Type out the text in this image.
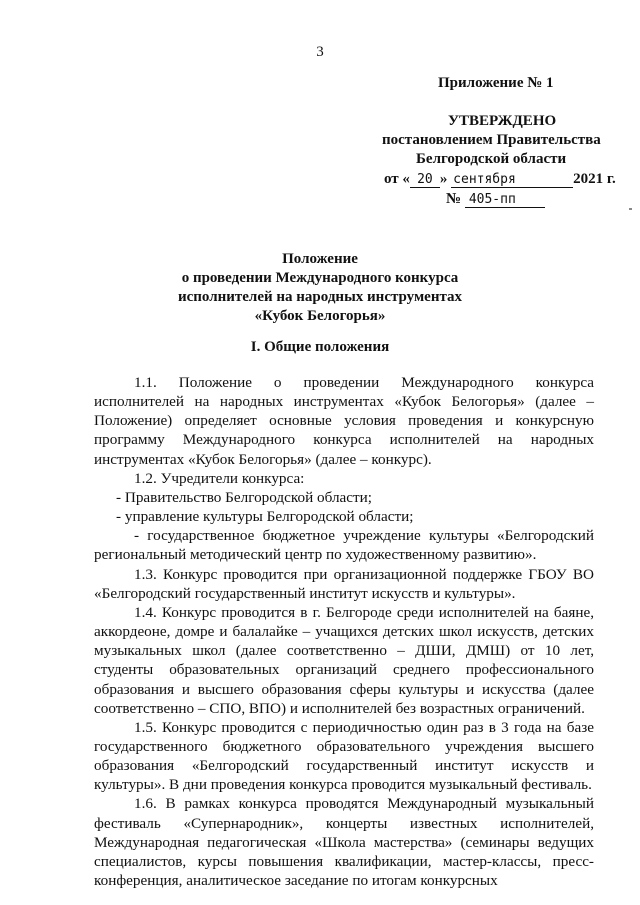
3
Приложение № 1
УТВЕРЖДЕНО
постановлением Правительства
Белгородской области
от « 20 » сентября	2021 г.
№ 405-пп
Положение
о проведении Международного конкурса
исполнителей на народных инструментах
«Кубок Белогорья»
I. Общие положения

1.1. Положение о проведении Международного конкурса исполнителей на народных инструментах «Кубок Белогорья» (далее – Положение) определяет основные условия проведения и конкурсную программу Международного конкурса исполнителей на народных инструментах «Кубок Белогорья» (далее – конкурс).

1.2. Учредители конкурса:

- Правительство Белгородской области;

- управление культуры Белгородской области;

- государственное бюджетное учреждение культуры «Белгородский региональный методический центр по художественному развитию».

1.3. Конкурс проводится при организационной поддержке ГБОУ ВО «Белгородский государственный институт искусств и культуры».

1.4. Конкурс проводится в г. Белгороде среди исполнителей на баяне, аккордеоне, домре и балалайке – учащихся детских школ искусств, детских музыкальных школ (далее соответственно – ДШИ, ДМШ) от 10 лет, студенты образовательных организаций среднего профессионального образования и высшего образования сферы культуры и искусства (далее соответственно – СПО, ВПО) и исполнителей без возрастных ограничений.

1.5. Конкурс проводится с периодичностью один раз в 3 года на базе государственного бюджетного образовательного учреждения высшего образования «Белгородский государственный институт искусств и культуры». В дни проведения конкурса проводится музыкальный фестиваль.

1.6. В рамках конкурса проводятся Международный музыкальный фестиваль «Супернародник», концерты известных исполнителей, Международная педагогическая «Школа мастерства» (семинары ведущих специалистов, курсы повышения квалификации, мастер-классы, пресс-конференция, аналитическое заседание по итогам конкурсных
